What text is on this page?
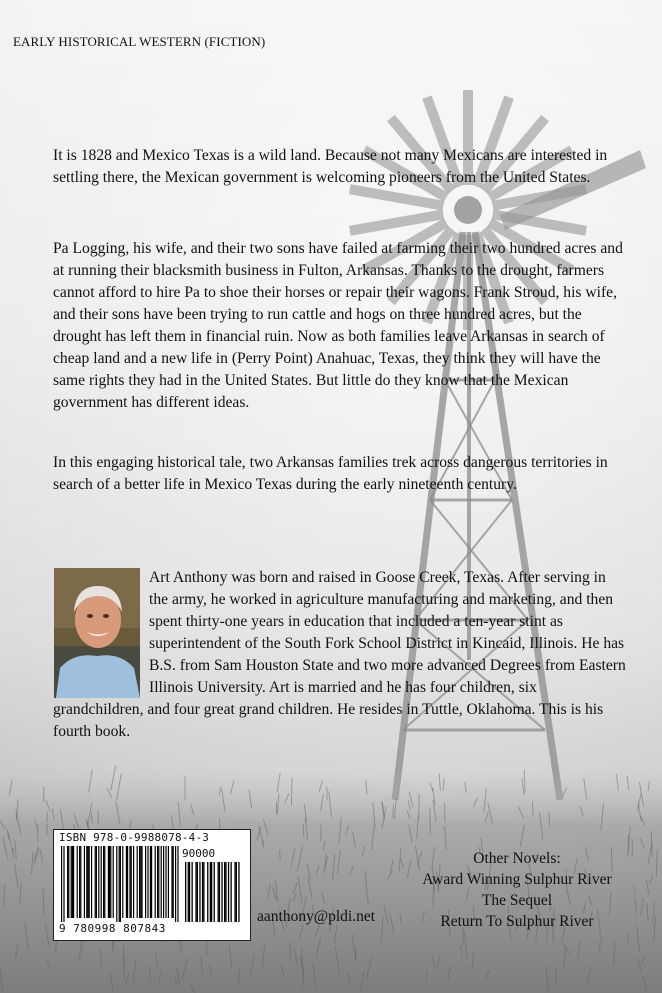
EARLY HISTORICAL WESTERN (FICTION)

It is 1828 and Mexico Texas is a wild land. Because not many Mexicans are interested in settling there, the Mexican government is welcoming pioneers from the United States.

Pa Logging, his wife, and their two sons have failed at farming their two hundred acres and at running their blacksmith business in Fulton, Arkansas. Thanks to the drought, farmers cannot afford to hire Pa to shoe their horses or repair their wagons. Frank Stroud, his wife, and their sons have been trying to run cattle and hogs on three hundred acres, but the drought has left them in financial ruin. Now as both families leave Arkansas in search of cheap land and a new life in (Perry Point) Anahuac, Texas, they think they will have the same rights they had in the United States. But little do they know that the Mexican government has different ideas.

In this engaging historical tale, two Arkansas families trek across dangerous territories in search of a better life in Mexico Texas during the early nineteenth century.

Art Anthony was born and raised in Goose Creek, Texas. After serving in the army, he worked in agriculture manufacturing and marketing, and then spent thirty-one years in education that included a ten-year stint as superintendent of the South Fork School District in Kincaid, Illinois. He has B.S. from Sam Houston State and two more advanced Degrees from Eastern Illinois University. Art is married and he has four children, six grandchildren, and four great grand children. He resides in Tuttle, Oklahoma. This is his fourth book.

ISBN 978-0-9988078-4-3
90000
9 780998 807843
aanthony@pldi.net
Other Novels:
Award Winning Sulphur River
The Sequel
Return To Sulphur River
